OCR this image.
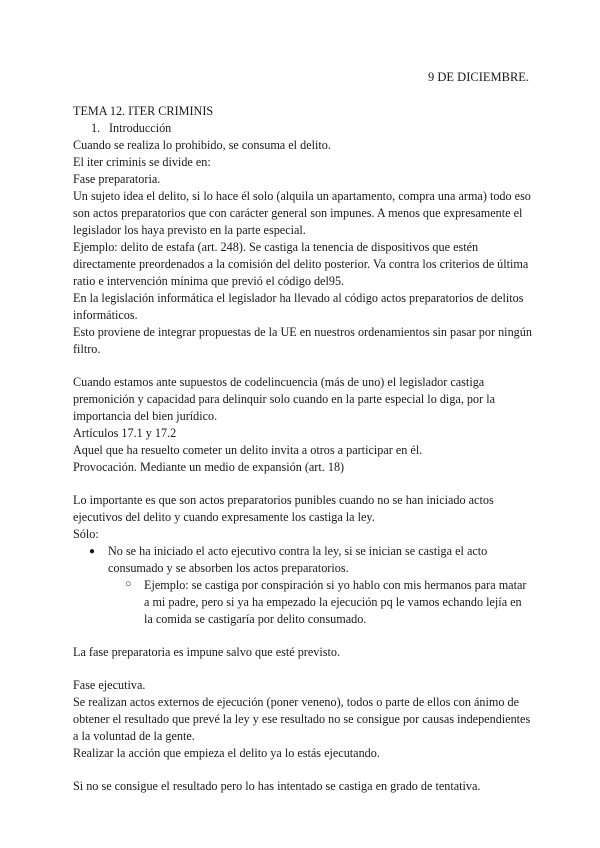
9 DE DICIEMBRE.

TEMA 12. ITER CRIMINIS

1. Introducción

Cuando se realiza lo prohibido, se consuma el delito.

El iter criminis se divide en:

Fase preparatoria.

Un sujeto idea el delito, si lo hace él solo (alquila un apartamento, compra una arma) todo eso son actos preparatorios que con carácter general son impunes. A menos que expresamente el legislador los haya previsto en la parte especial.

Ejemplo: delito de estafa (art. 248). Se castiga la tenencia de dispositivos que estén directamente preordenados a la comisión del delito posterior. Va contra los criterios de última ratio e intervención mínima que previó el código del95.

En la legislación informática el legislador ha llevado al código actos preparatorios de delitos informáticos.

Esto proviene de integrar propuestas de la UE en nuestros ordenamientos sin pasar por ningún filtro.

Cuando estamos ante supuestos de codelincuencia (más de uno) el legislador castiga premonición y capacidad para delinquir solo cuando en la parte especial lo diga, por la importancia del bien jurídico.

Artículos 17.1 y 17.2

Aquel que ha resuelto cometer un delito invita a otros a participar en él.

Provocación. Mediante un medio de expansión (art. 18)

Lo importante es que son actos preparatorios punibles cuando no se han iniciado actos ejecutivos del delito y cuando expresamente los castiga la ley.

Sólo:

● No se ha iniciado el acto ejecutivo contra la ley, si se inician se castiga el acto consumado y se absorben los actos preparatorios.
○ Ejemplo: se castiga por conspiración si yo hablo con mis hermanos para matar a mi padre, pero si ya ha empezado la ejecución pq le vamos echando lejía en la comida se castigaría por delito consumado.

La fase preparatoria es impune salvo que esté previsto.

Fase ejecutiva.

Se realizan actos externos de ejecución (poner veneno), todos o parte de ellos con ánimo de obtener el resultado que prevé la ley y ese resultado no se consigue por causas independientes a la voluntad de la gente.

Realizar la acción que empieza el delito ya lo estás ejecutando.

Si no se consigue el resultado pero lo has intentado se castiga en grado de tentativa.
